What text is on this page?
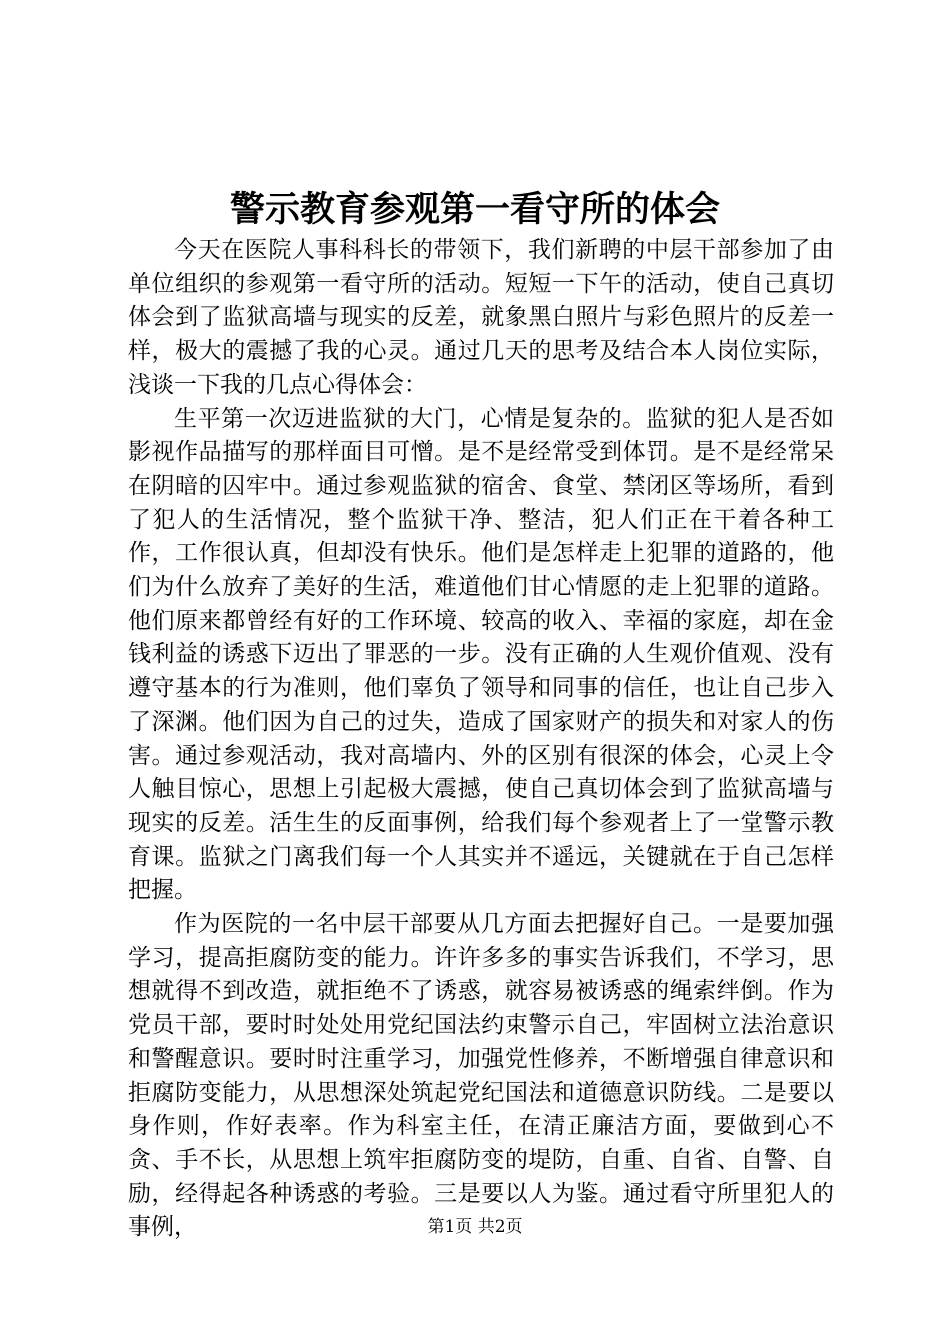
警示教育参观第一看守所的体会

今天在医院人事科科长的带领下，我们新聘的中层干部参加了由单位组织的参观第一看守所的活动。短短一下午的活动，使自己真切体会到了监狱高墙与现实的反差，就象黑白照片与彩色照片的反差一样，极大的震撼了我的心灵。通过几天的思考及结合本人岗位实际，浅谈一下我的几点心得体会：

生平第一次迈进监狱的大门，心情是复杂的。监狱的犯人是否如影视作品描写的那样面目可憎。是不是经常受到体罚。是不是经常呆在阴暗的囚牢中。通过参观监狱的宿舍、食堂、禁闭区等场所，看到了犯人的生活情况，整个监狱干净、整洁，犯人们正在干着各种工作，工作很认真，但却没有快乐。他们是怎样走上犯罪的道路的，他们为什么放弃了美好的生活，难道他们甘心情愿的走上犯罪的道路。他们原来都曾经有好的工作环境、较高的收入、幸福的家庭，却在金钱利益的诱惑下迈出了罪恶的一步。没有正确的人生观价值观、没有遵守基本的行为准则，他们辜负了领导和同事的信任，也让自己步入了深渊。他们因为自己的过失，造成了国家财产的损失和对家人的伤害。通过参观活动，我对高墙内、外的区别有很深的体会，心灵上令人触目惊心，思想上引起极大震撼，使自己真切体会到了监狱高墙与现实的反差。活生生的反面事例，给我们每个参观者上了一堂警示教育课。监狱之门离我们每一个人其实并不遥远，关键就在于自己怎样把握。

作为医院的一名中层干部要从几方面去把握好自己。一是要加强学习，提高拒腐防变的能力。许许多多的事实告诉我们，不学习，思想就得不到改造，就拒绝不了诱惑，就容易被诱惑的绳索绊倒。作为党员干部，要时时处处用党纪国法约束警示自己，牢固树立法治意识和警醒意识。要时时注重学习，加强党性修养，不断增强自律意识和拒腐防变能力，从思想深处筑起党纪国法和道德意识防线。二是要以身作则，作好表率。作为科室主任，在清正廉洁方面，要做到心不贪、手不长，从思想上筑牢拒腐防变的堤防，自重、自省、自警、自励，经得起各种诱惑的考验。三是要以人为鉴。通过看守所里犯人的事例，	第1页 共2页
